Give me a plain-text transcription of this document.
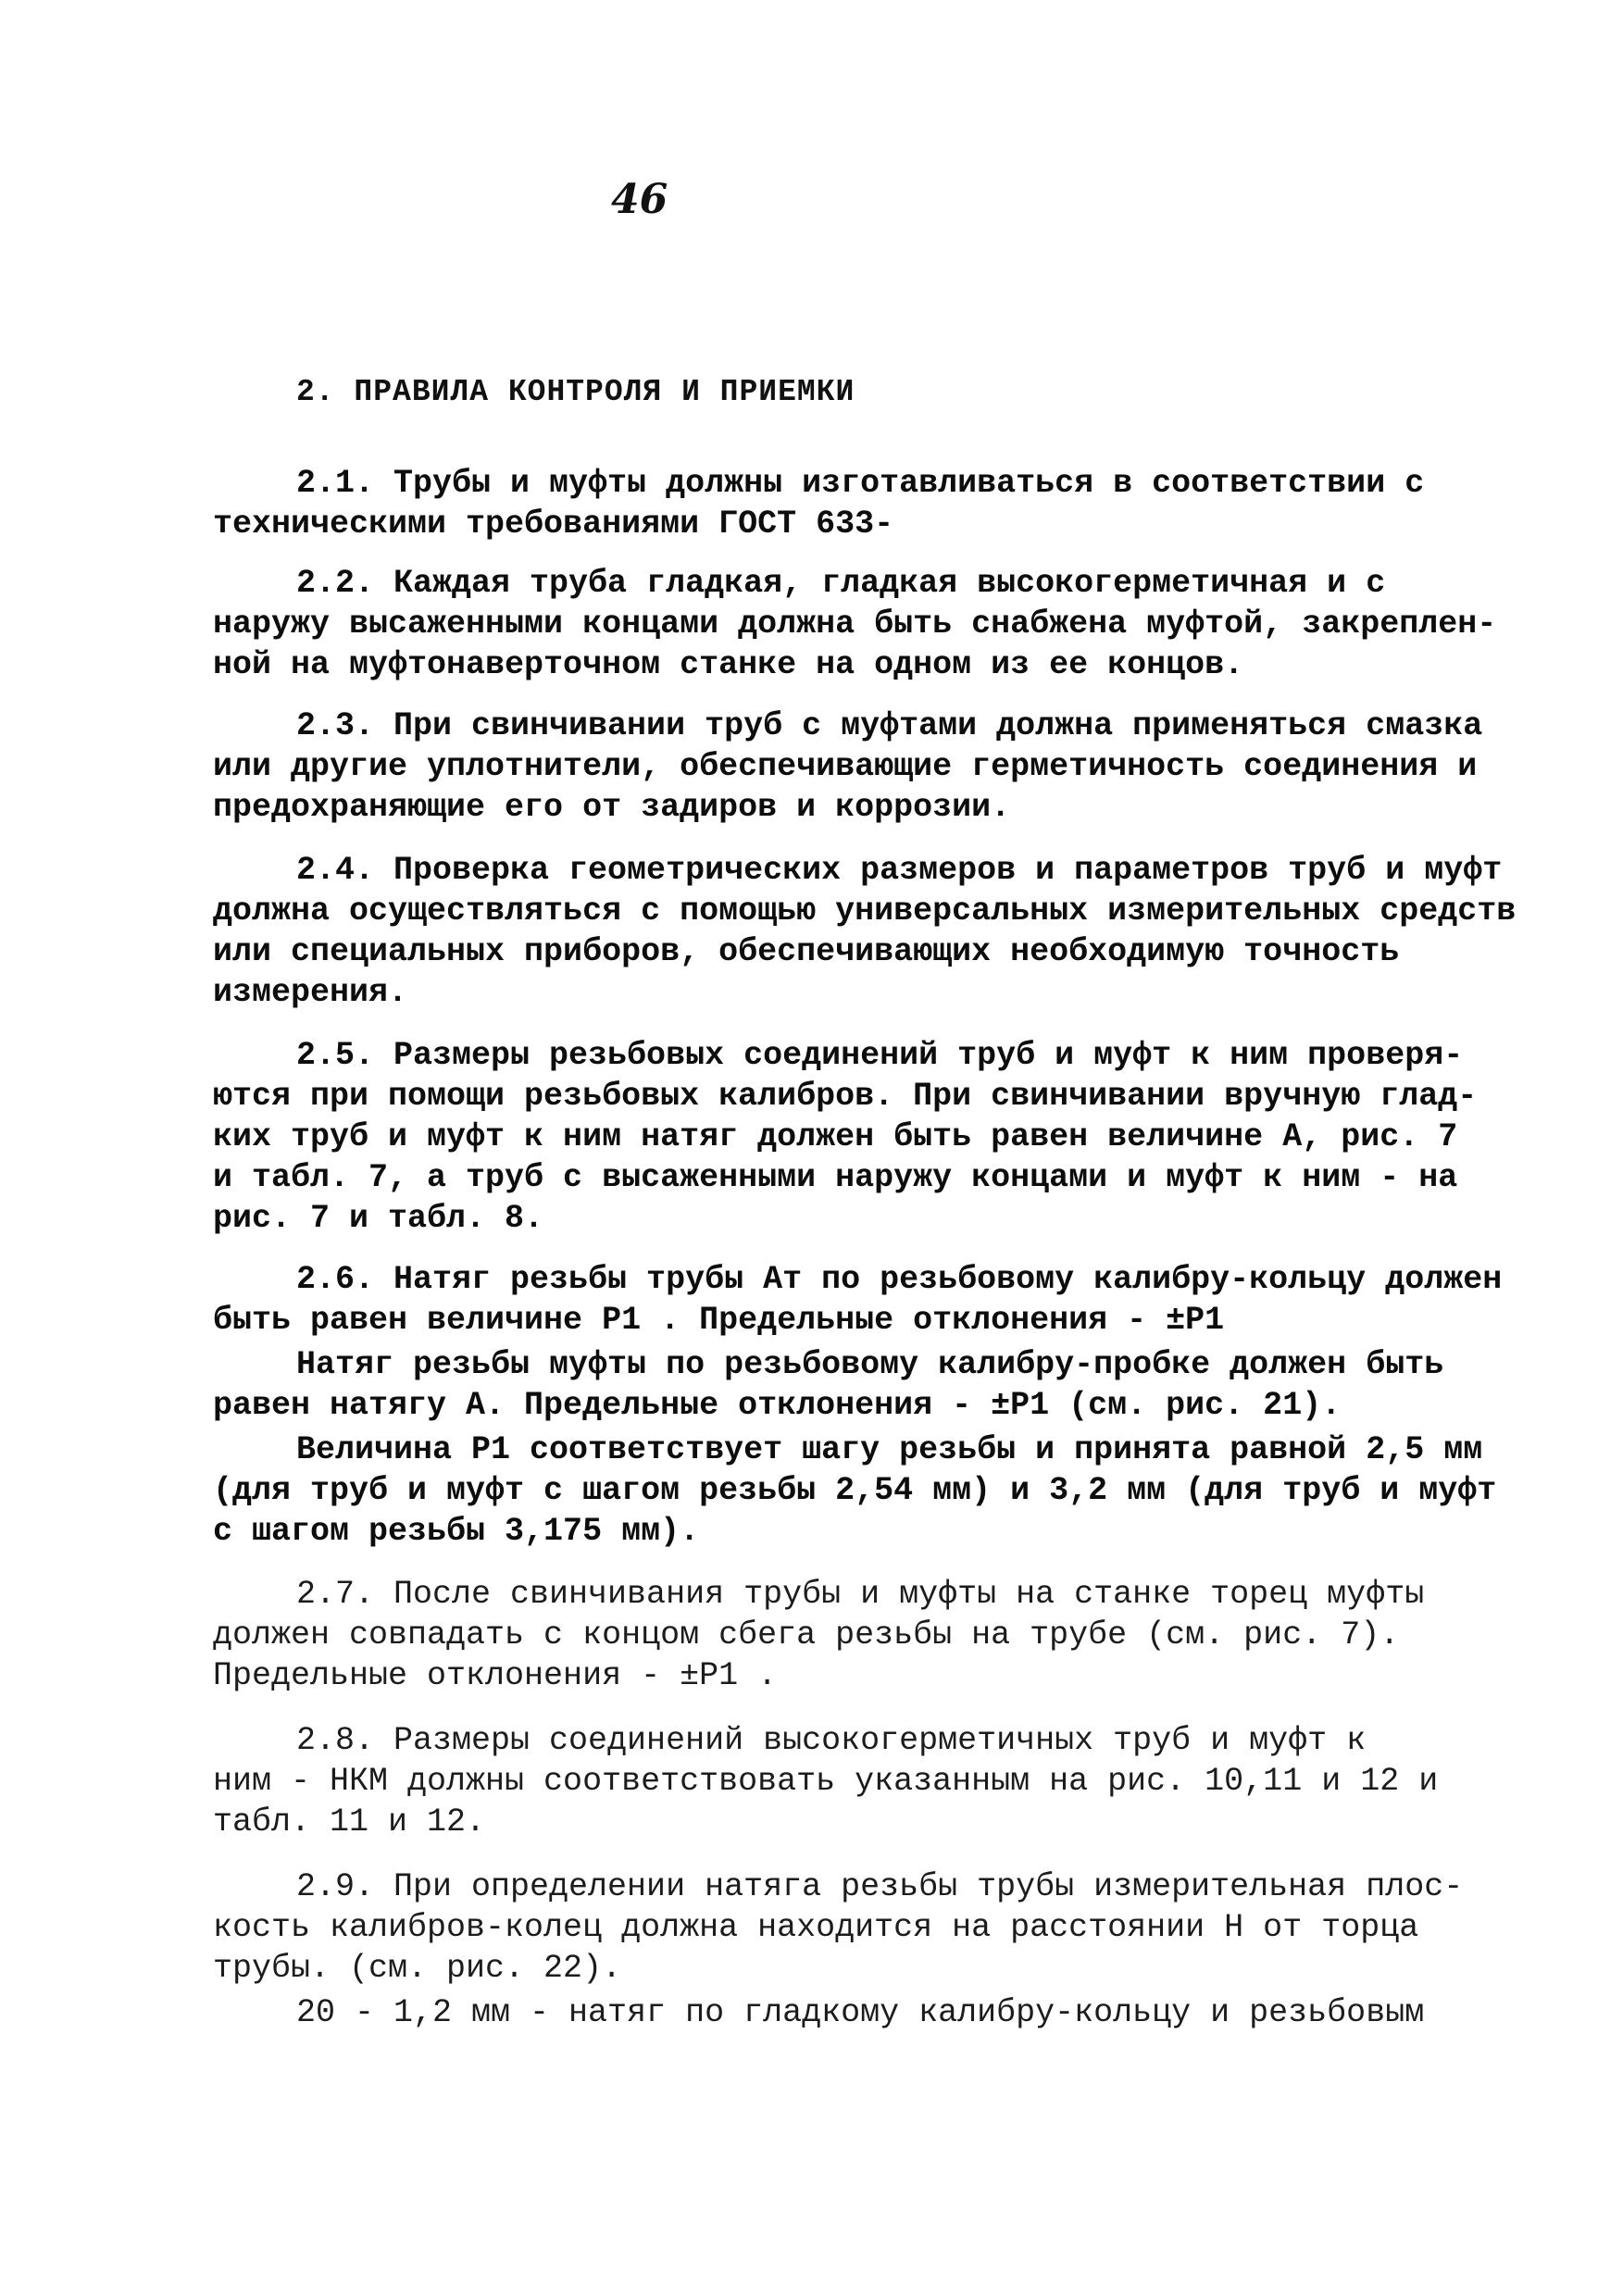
46
2. ПРАВИЛА КОНТРОЛЯ И ПРИЕМКИ
2.1. Трубы и муфты должны изготавливаться в соответствии с
техническими требованиями ГОСТ 633-
2.2. Каждая труба гладкая, гладкая высокогерметичная и с
наружу высаженными концами должна быть снабжена муфтой, закреплен-
ной на муфтонаверточном станке на одном из ее концов.
2.3. При свинчивании труб с муфтами должна применяться смазка
или другие уплотнители, обеспечивающие герметичность соединения и
предохраняющие его от задиров и коррозии.
2.4. Проверка геометрических размеров и параметров труб и муфт
должна осуществляться с помощью универсальных измерительных средств
или специальных приборов, обеспечивающих необходимую точность
измерения.
2.5. Размеры резьбовых соединений труб и муфт к ним проверя-
ются при помощи резьбовых калибров. При свинчивании вручную глад-
ких труб и муфт к ним натяг должен быть равен величине А, рис. 7
и табл. 7, а труб с высаженными наружу концами и муфт к ним - на
рис. 7 и табл. 8.
2.6. Натяг резьбы трубы Ат по резьбовому калибру-кольцу должен
быть равен величине P1 . Предельные отклонения - ±P1
Натяг резьбы муфты по резьбовому калибру-пробке должен быть
равен натягу А. Предельные отклонения - ±P1 (см. рис. 21).
Величина P1 соответствует шагу резьбы и принята равной 2,5 мм
(для труб и муфт с шагом резьбы 2,54 мм) и 3,2 мм (для труб и муфт
с шагом резьбы 3,175 мм).
2.7. После свинчивания трубы и муфты на станке торец муфты
должен совпадать с концом сбега резьбы на трубе (см. рис. 7).
Предельные отклонения - ±P1 .
2.8. Размеры соединений высокогерметичных труб и муфт к
ним - НКМ должны соответствовать указанным на рис. 10,11 и 12 и
табл. 11 и 12.
2.9. При определении натяга резьбы трубы измерительная плос-
кость калибров-колец должна находится на расстоянии Н от торца
трубы. (см. рис. 22).
20 - 1,2 мм - натяг по гладкому калибру-кольцу и резьбовым
